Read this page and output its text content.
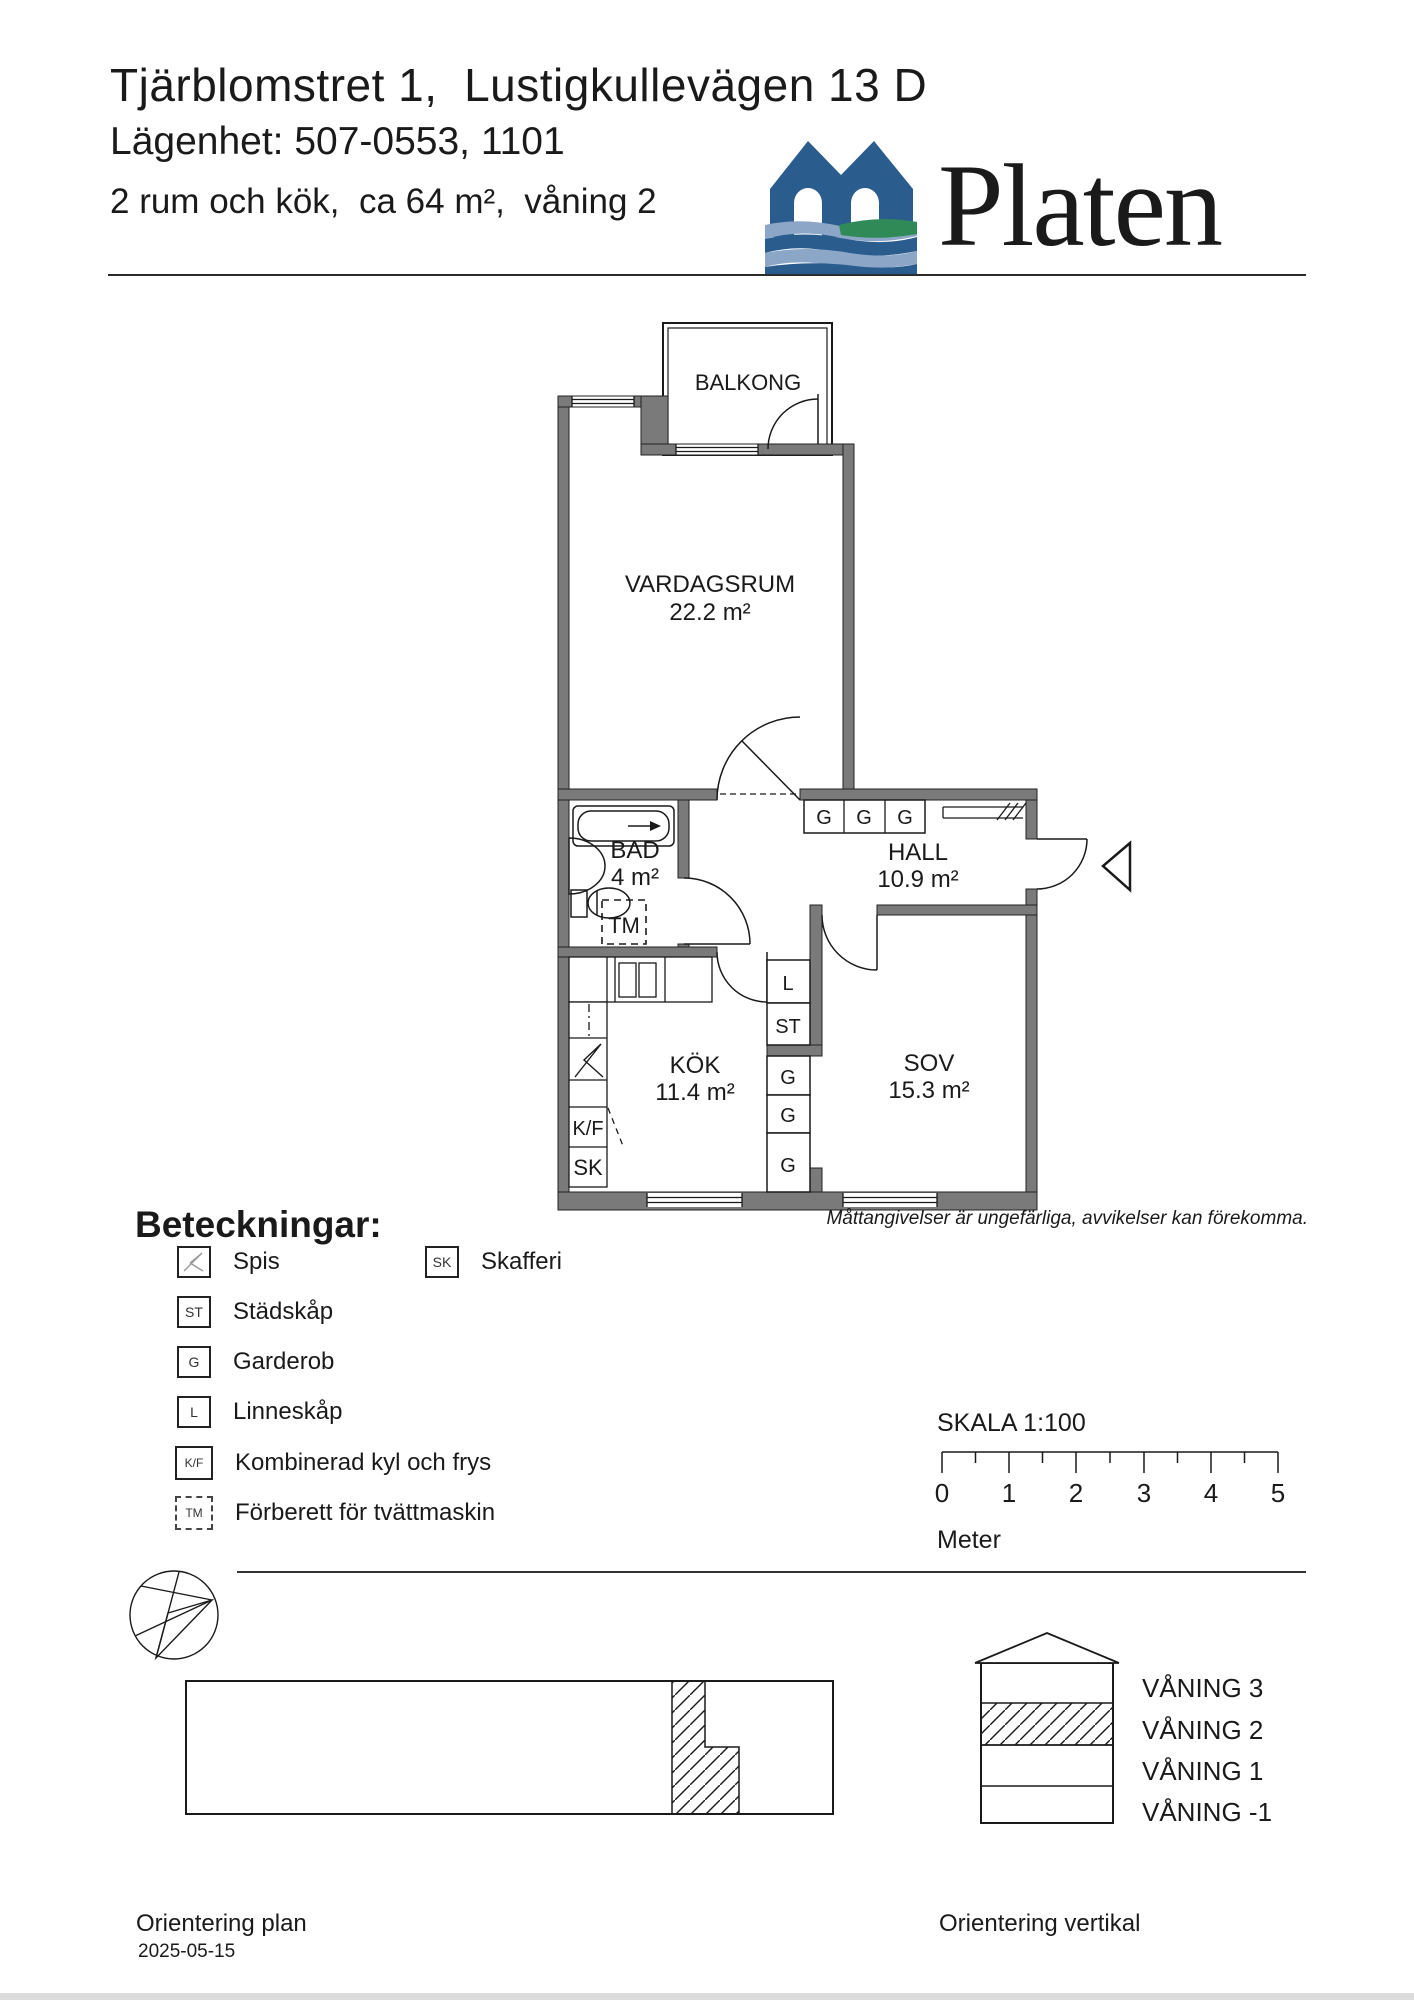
Tjärblomstret 1,  Lustigkullevägen 13 D
Lägenhet: 507-0553, 1101
2 rum och kök,  ca 64 m²,  våning 2 Platen
BALKONG
G G G
L
ST
G
G
G
K/F
SK
VARDAGSRUM
22.2 m²
BAD
4 m²
HALL
10.9 m²
KÖK
11.4 m²
SOV
15.3 m²
TM
Måttangivelser är ungefärliga, avvikelser kan förekomma.
Beteckningar:
Spis
ST	Städskåp
G	Garderob
L	Linneskåp
K/F	Kombinerad kyl och frys
TM	Förberett för tvättmaskin
SK	Skafferi
SKALA 1:100
0 1 2 3 4 5
Meter
VÅNING 3
VÅNING 2
VÅNING 1
VÅNING -1
Orientering plan
2025-05-15
Orientering vertikal
